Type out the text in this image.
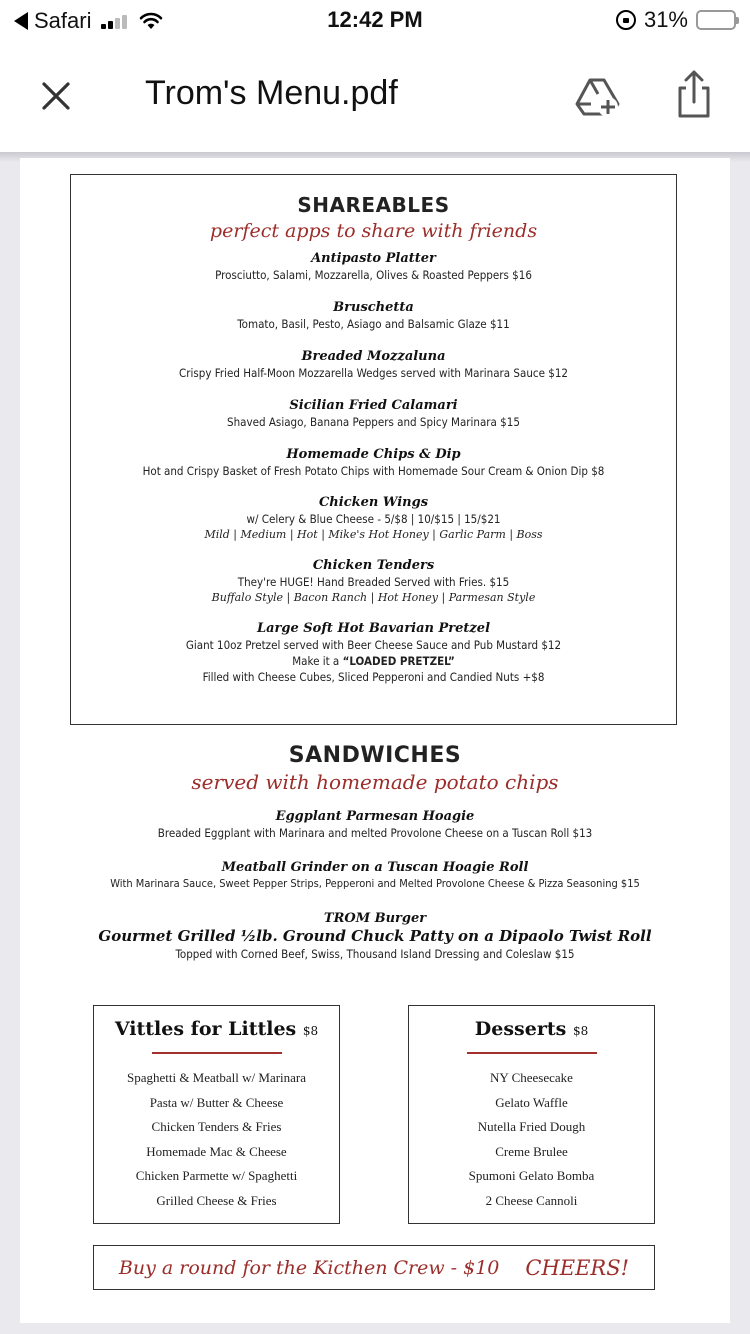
Safari	12:42 PM	31%
Trom's Menu.pdf
SHAREABLES
perfect apps to share with friends
Antipasto Platter
Prosciutto, Salami, Mozzarella, Olives & Roasted Peppers $16
Bruschetta
Tomato, Basil, Pesto, Asiago and Balsamic Glaze $11
Breaded Mozzaluna
Crispy Fried Half-Moon Mozzarella Wedges served with Marinara Sauce $12
Sicilian Fried Calamari
Shaved Asiago, Banana Peppers and Spicy Marinara $15
Homemade Chips & Dip
Hot and Crispy Basket of Fresh Potato Chips with Homemade Sour Cream & Onion Dip $8
Chicken Wings
w/ Celery & Blue Cheese - 5/$8 | 10/$15 | 15/$21
Mild | Medium | Hot | Mike's Hot Honey | Garlic Parm | Boss
Chicken Tenders
They're HUGE! Hand Breaded Served with Fries. $15
Buffalo Style | Bacon Ranch | Hot Honey | Parmesan Style
Large Soft Hot Bavarian Pretzel
Giant 10oz Pretzel served with Beer Cheese Sauce and Pub Mustard $12
Make it a “LOADED PRETZEL”
Filled with Cheese Cubes, Sliced Pepperoni and Candied Nuts +$8
SANDWICHES
served with homemade potato chips
Eggplant Parmesan Hoagie
Breaded Eggplant with Marinara and melted Provolone Cheese on a Tuscan Roll $13
Meatball Grinder on a Tuscan Hoagie Roll
With Marinara Sauce, Sweet Pepper Strips, Pepperoni and Melted Provolone Cheese & Pizza Seasoning $15
TROM Burger
Gourmet Grilled ½lb. Ground Chuck Patty on a Dipaolo Twist Roll
Topped with Corned Beef, Swiss, Thousand Island Dressing and Coleslaw $15
Vittles for Littles $8
Spaghetti & Meatball w/ Marinara
Pasta w/ Butter & Cheese
Chicken Tenders & Fries
Homemade Mac & Cheese
Chicken Parmette w/ Spaghetti
Grilled Cheese & Fries
Desserts $8
NY Cheesecake
Gelato Waffle
Nutella Fried Dough
Creme Brulee
Spumoni Gelato Bomba
2 Cheese Cannoli
Buy a round for the Kicthen Crew - $10 CHEERS!
